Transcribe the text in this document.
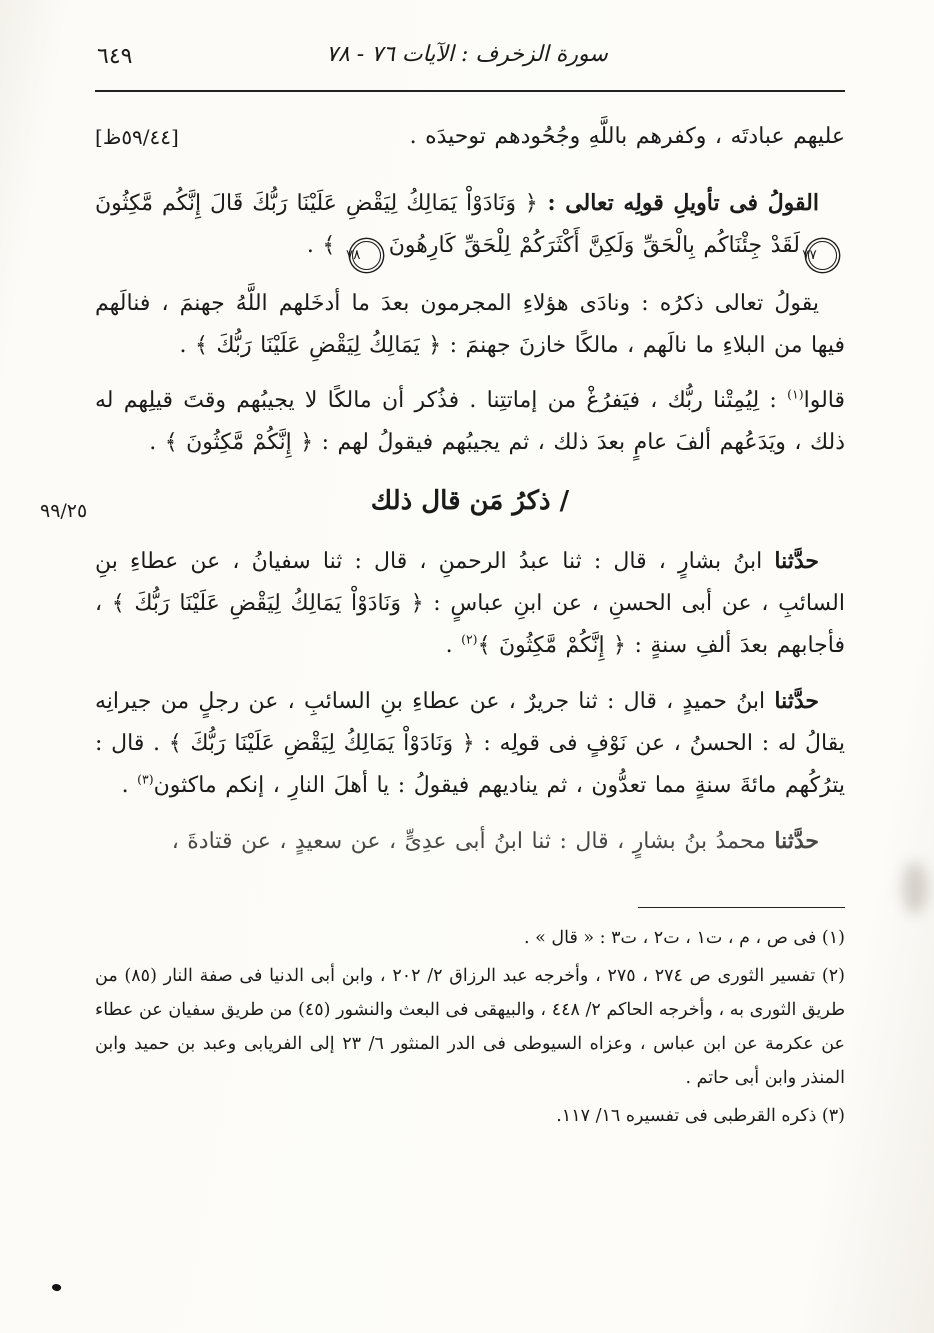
٦٤٩	سورة الزخرف : الآيات ٧٦ - ٧٨

[٥٩/٤٤ظ]	عليهم عبادتَه ، وكفرهم باللَّهِ وجُحُودهم توحيدَه .

القولُ فى تأويلِ قولِه تعالى : ﴿ وَنَادَوْاْ يَمَالِكُ لِيَقْضِ عَلَيْنَا رَبُّكَ قَالَ إِنَّكُم مَّكِثُونَ٧٧لَقَدْ جِئْنَاكُم بِالْحَقِّ وَلَكِنَّ أَكْثَرَكُمْ لِلْحَقِّ كَارِهُونَ٧٨ ﴾ .

يقولُ تعالى ذكرُه : ونادَى هؤلاءِ المجرمون بعدَ ما أدخَلهم اللَّهُ جهنمَ ، فنالَهم فيها من البلاءِ ما نالَهم ، مالكًا خازنَ جهنمَ : ﴿ يَمَالِكُ لِيَقْضِ عَلَيْنَا رَبُّكَ ﴾ .

قالوا$^{(١)}$ : لِيُمِتْنا ربُّك ، فيَفرُغْ من إماتتِنا . فذُكر أن مالكًا لا يجيبُهم وقتَ قيلِهم له ذلك ، ويَدَعُهم ألفَ عامٍ بعدَ ذلك ، ثم يجيبُهم فيقولُ لهم : ﴿ إِنَّكُمْ مَّكِثُونَ ﴾ .

٩٩/٢٥	/ ذكرُ مَن قال ذلك

حدَّثنا ابنُ بشارٍ ، قال : ثنا عبدُ الرحمنِ ، قال : ثنا سفيانُ ، عن عطاءِ بنِ السائبِ ، عن أبى الحسنِ ، عن ابنِ عباسٍ : ﴿ وَنَادَوْاْ يَمَالِكُ لِيَقْضِ عَلَيْنَا رَبُّكَ ﴾ ، فأجابهم بعدَ ألفِ سنةٍ : ﴿ إِنَّكُمْ مَّكِثُونَ ﴾$^{(٢)}$ .

حدَّثنا ابنُ حميدٍ ، قال : ثنا جريرٌ ، عن عطاءِ بنِ السائبِ ، عن رجلٍ من جيرانِه يقالُ له : الحسنُ ، عن نَوْفٍ فى قولِه : ﴿ وَنَادَوْاْ يَمَالِكُ لِيَقْضِ عَلَيْنَا رَبُّكَ ﴾ . قال : يترُكُهم مائةَ سنةٍ مما تعدُّون ، ثم يناديهم فيقولُ : يا أهلَ النارِ ، إنكم ماكثون$^{(٣)}$ .

حدَّثنا محمدُ بنُ بشارٍ ، قال : ثنا ابنُ أبى عدِىٍّ ، عن سعيدٍ ، عن قتادةَ ،

(١) فى ص ، م ، ت١ ، ت٢ ، ت٣ : « قال » .

(٢) تفسير الثورى ص ٢٧٤ ، ٢٧٥ ، وأخرجه عبد الرزاق ٢/ ٢٠٢ ، وابن أبى الدنيا فى صفة النار (٨٥) من طريق الثورى به ، وأخرجه الحاكم ٢/ ٤٤٨ ، والبيهقى فى البعث والنشور (٤٥) من طريق سفيان عن عطاء عن عكرمة عن ابن عباس ، وعزاه السيوطى فى الدر المنثور ٦/ ٢٣ إلى الفريابى وعبد بن حميد وابن المنذر وابن أبى حاتم .

(٣) ذكره القرطبى فى تفسيره ١٦/ ١١٧.
